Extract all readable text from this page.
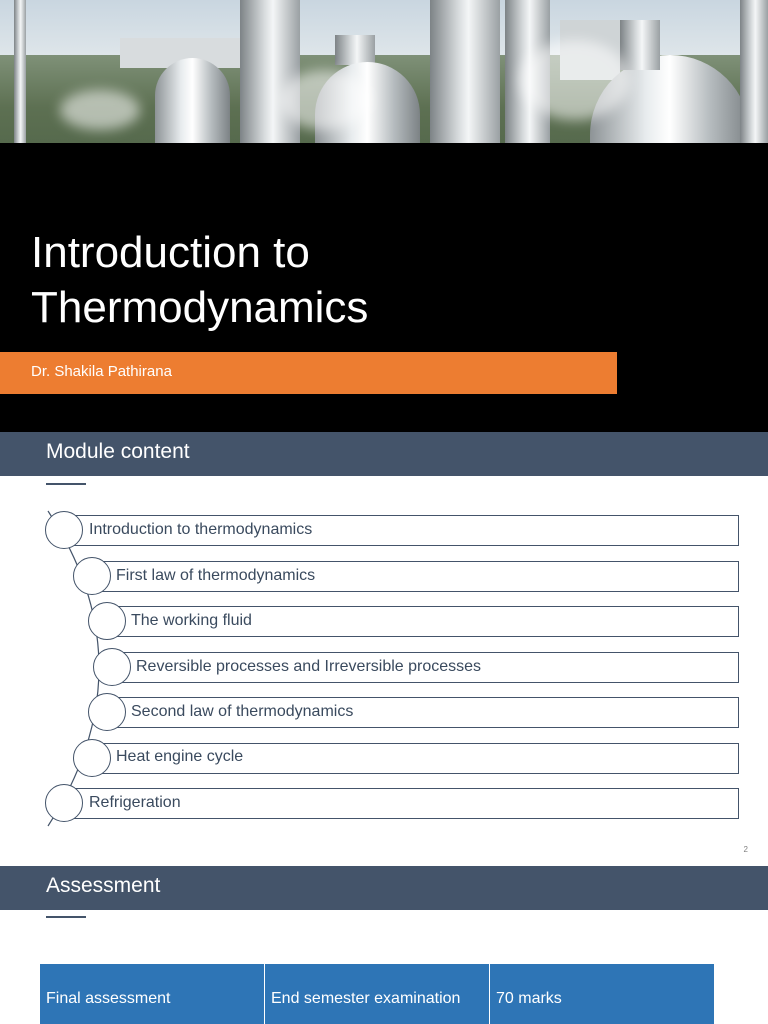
Introduction to
Thermodynamics
Dr. Shakila Pathirana
Module content
Introduction to thermodynamics
First law of thermodynamics
The working fluid
Reversible processes and Irreversible processes
Second law of thermodynamics
Heat engine cycle
Refrigeration
2
Assessment
Final assessment	End semester examination	70 marks
